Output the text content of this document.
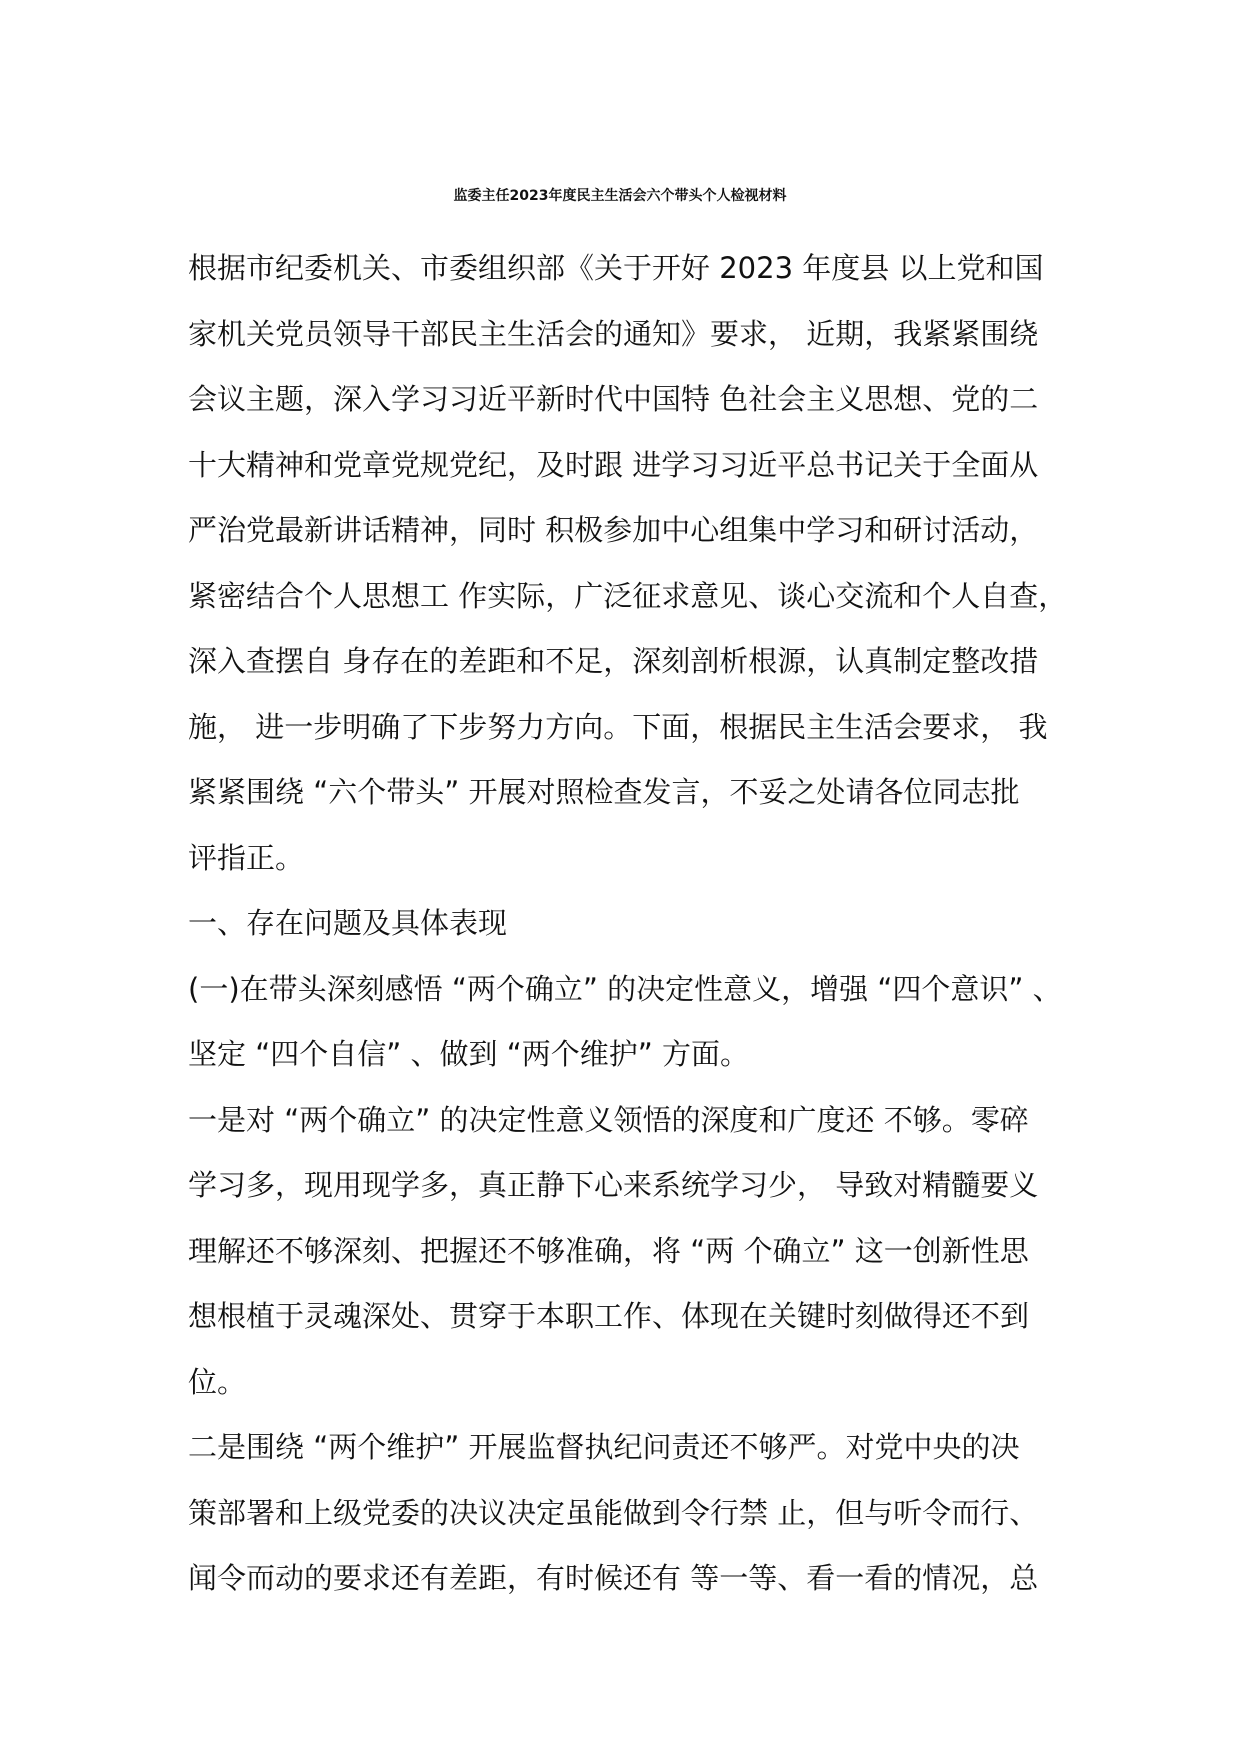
监委主任2023年度民主生活会六个带头个人检视材料
根据市纪委机关、市委组织部《关于开好 2023 年度县 以上党和国
家机关党员领导干部民主生活会的通知》要求， 近期，我紧紧围绕
会议主题，深入学习习近平新时代中国特 色社会主义思想、党的二
十大精神和党章党规党纪，及时跟 进学习习近平总书记关于全面从
严治党最新讲话精神，同时 积极参加中心组集中学习和研讨活动，
紧密结合个人思想工 作实际，广泛征求意见、谈心交流和个人自查，
深入查摆自 身存在的差距和不足，深刻剖析根源，认真制定整改措
施， 进一步明确了下步努力方向。下面，根据民主生活会要求， 我
紧紧围绕 “六个带头” 开展对照检查发言，不妥之处请各位同志批
评指正。
一、存在问题及具体表现
(一)在带头深刻感悟 “两个确立” 的决定性意义，增强 “四个意识” 、
坚定 “四个自信” 、做到 “两个维护” 方面。
一是对 “两个确立” 的决定性意义领悟的深度和广度还 不够。零碎
学习多，现用现学多，真正静下心来系统学习少， 导致对精髓要义
理解还不够深刻、把握还不够准确，将 “两 个确立” 这一创新性思
想根植于灵魂深处、贯穿于本职工作、体现在关键时刻做得还不到
位。
二是围绕 “两个维护” 开展监督执纪问责还不够严。对党中央的决
策部署和上级党委的决议决定虽能做到令行禁 止，但与听令而行、
闻令而动的要求还有差距，有时候还有 等一等、看一看的情况，总
